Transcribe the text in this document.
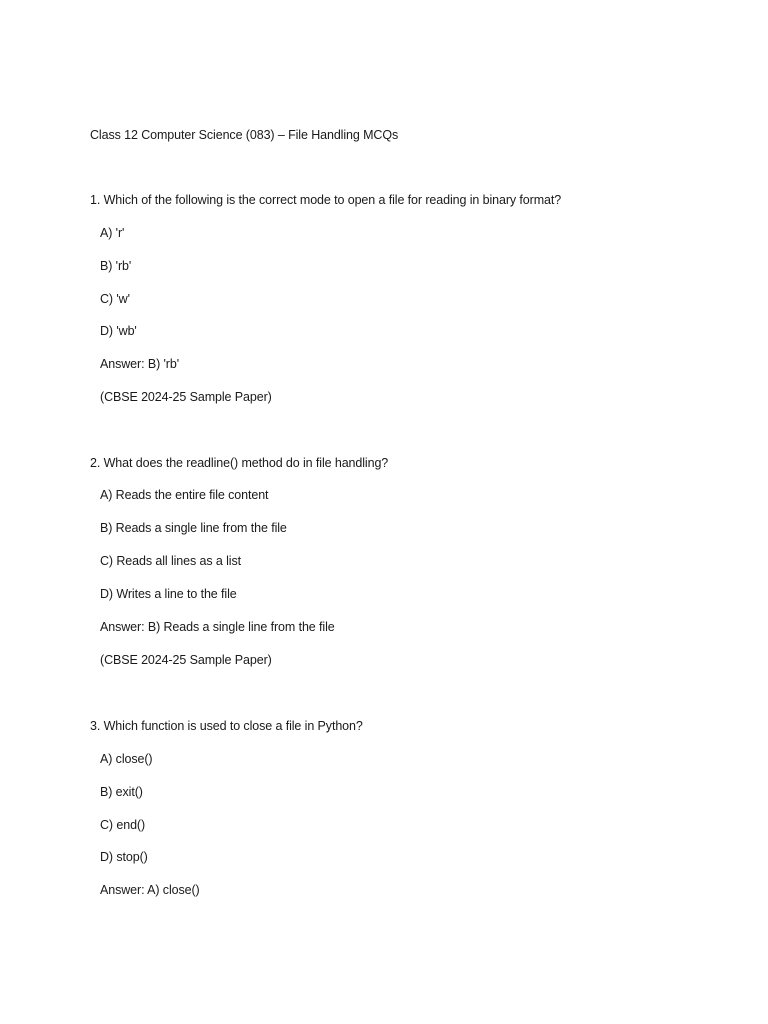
Class 12 Computer Science (083) – File Handling MCQs
1. Which of the following is the correct mode to open a file for reading in binary format?
A) 'r'
B) 'rb'
C) 'w'
D) 'wb'
Answer: B) 'rb'
(CBSE 2024-25 Sample Paper)
2. What does the readline() method do in file handling?
A) Reads the entire file content
B) Reads a single line from the file
C) Reads all lines as a list
D) Writes a line to the file
Answer: B) Reads a single line from the file
(CBSE 2024-25 Sample Paper)
3. Which function is used to close a file in Python?
A) close()
B) exit()
C) end()
D) stop()
Answer: A) close()
